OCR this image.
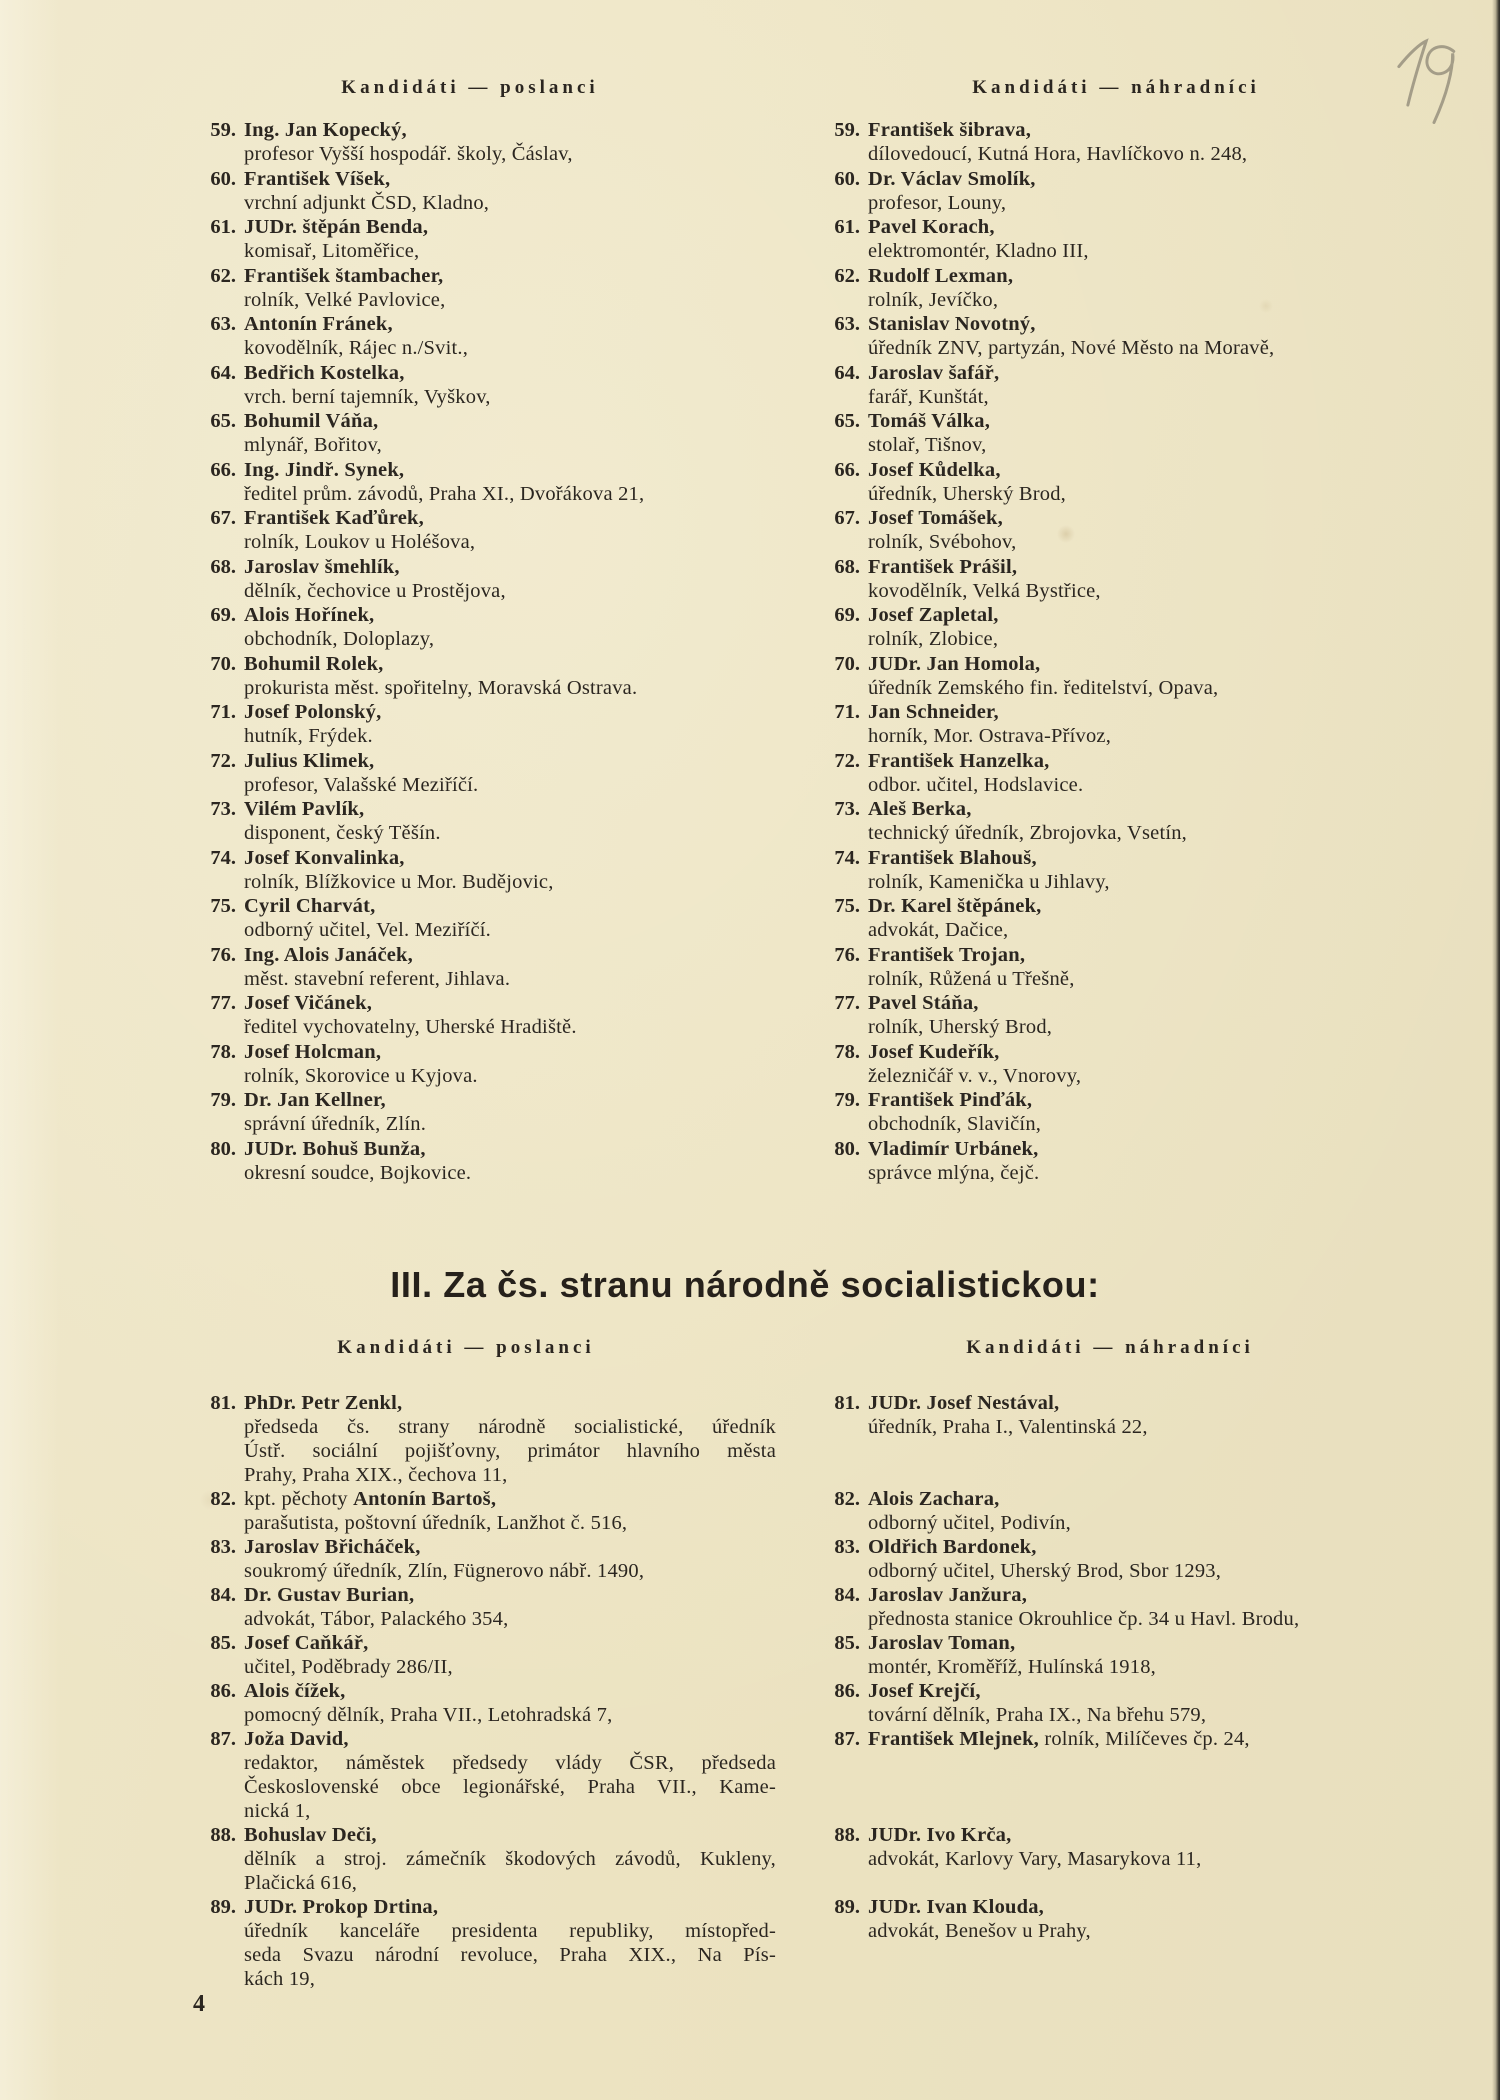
Kandidáti — poslanci	Kandidáti — náhradníci
59. Ing. Jan Kopecký,
profesor Vyšší hospodář. školy, Čáslav,
59. František šibrava,
dílovedoucí, Kutná Hora, Havlíčkovo n. 248,
60. František Víšek,
vrchní adjunkt ČSD, Kladno,
60. Dr. Václav Smolík,
profesor, Louny,
61. JUDr. štěpán Benda,
komisař, Litoměřice,
61. Pavel Korach,
elektromontér, Kladno III,
62. František štambacher,
rolník, Velké Pavlovice,
62. Rudolf Lexman,
rolník, Jevíčko,
63. Antonín Fránek,
kovodělník, Rájec n./Svit.,
63. Stanislav Novotný,
úředník ZNV, partyzán, Nové Město na Moravě,
64. Bedřich Kostelka,
vrch. berní tajemník, Vyškov,
64. Jaroslav šafář,
farář, Kunštát,
65. Bohumil Váňa,
mlynář, Bořitov,
65. Tomáš Válka,
stolař, Tišnov,
66. Ing. Jindř. Synek,
ředitel prům. závodů, Praha XI., Dvořákova 21,
66. Josef Kůdelka,
úředník, Uherský Brod,
67. František Kaďůrek,
rolník, Loukov u Holéšova,
67. Josef Tomášek,
rolník, Svébohov,
68. Jaroslav šmehlík,
dělník, čechovice u Prostějova,
68. František Prášil,
kovodělník, Velká Bystřice,
69. Alois Hořínek,
obchodník, Doloplazy,
69. Josef Zapletal,
rolník, Zlobice,
70. Bohumil Rolek,
prokurista měst. spořitelny, Moravská Ostrava.
70. JUDr. Jan Homola,
úředník Zemského fin. ředitelství, Opava,
71. Josef Polonský,
hutník, Frýdek.
71. Jan Schneider,
horník, Mor. Ostrava-Přívoz,
72. Julius Klimek,
profesor, Valašské Meziříčí.
72. František Hanzelka,
odbor. učitel, Hodslavice.
73. Vilém Pavlík,
disponent, český Těšín.
73. Aleš Berka,
technický úředník, Zbrojovka, Vsetín,
74. Josef Konvalinka,
rolník, Blížkovice u Mor. Budějovic,
74. František Blahouš,
rolník, Kamenička u Jihlavy,
75. Cyril Charvát,
odborný učitel, Vel. Meziříčí.
75. Dr. Karel štěpánek,
advokát, Dačice,
76. Ing. Alois Janáček,
měst. stavební referent, Jihlava.
76. František Trojan,
rolník, Růžená u Třešně,
77. Josef Vičánek,
ředitel vychovatelny, Uherské Hradiště.
77. Pavel Stáňa,
rolník, Uherský Brod,
78. Josef Holcman,
rolník, Skorovice u Kyjova.
78. Josef Kudeřík,
železničář v. v., Vnorovy,
79. Dr. Jan Kellner,
správní úředník, Zlín.
79. František Pinďák,
obchodník, Slavičín,
80. JUDr. Bohuš Bunža,
okresní soudce, Bojkovice.
80. Vladimír Urbánek,
správce mlýna, čejč.
III. Za čs. stranu národně socialistickou:
Kandidáti — poslanci	Kandidáti — náhradníci
81. PhDr. Petr Zenkl,
předseda čs. strany národně socialistické, úředník
Ústř. sociální pojišťovny, primátor hlavního města
Prahy, Praha XIX., čechova 11,
81. JUDr. Josef Nestával,
úředník, Praha I., Valentinská 22,
82. kpt. pěchoty Antonín Bartoš,
parašutista, poštovní úředník, Lanžhot č. 516,
82. Alois Zachara,
odborný učitel, Podivín,
83. Jaroslav Břicháček,
soukromý úředník, Zlín, Fügnerovo nábř. 1490,
83. Oldřich Bardonek,
odborný učitel, Uherský Brod, Sbor 1293,
84. Dr. Gustav Burian,
advokát, Tábor, Palackého 354,
84. Jaroslav Janžura,
přednosta stanice Okrouhlice čp. 34 u Havl. Brodu,
85. Josef Caňkář,
učitel, Poděbrady 286/II,
85. Jaroslav Toman,
montér, Kroměříž, Hulínská 1918,
86. Alois čížek,
pomocný dělník, Praha VII., Letohradská 7,
86. Josef Krejčí,
tovární dělník, Praha IX., Na břehu 579,
87. Joža David,
redaktor, náměstek předsedy vlády ČSR, předseda
Československé obce legionářské, Praha VII., Kame-
nická 1,
87. František Mlejnek, rolník, Milíčeves čp. 24,
88. Bohuslav Deči,
dělník a stroj. zámečník škodových závodů, Kukleny,
Plačická 616,
88. JUDr. Ivo Krča,
advokát, Karlovy Vary, Masarykova 11,
89. JUDr. Prokop Drtina,
úředník kanceláře presidenta republiky, místopřed-
seda Svazu národní revoluce, Praha XIX., Na Pís-
kách 19,
89. JUDr. Ivan Klouda,
advokát, Benešov u Prahy,
4
